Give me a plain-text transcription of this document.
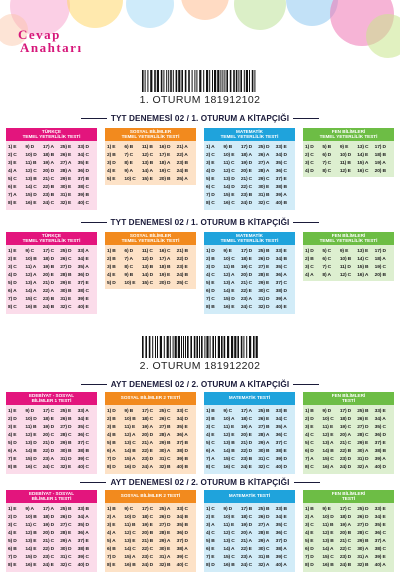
Cevap
Anahtarı
1. OTURUM 181912102
TYT DENEMESİ 02 / 1. OTURUM A KİTAPÇIĞI
TÜRKÇE
TEMEL YETERLİLİK TESTİ
1) E	9) D	17) A	25) E	33) D
2) C	10) D	18) B	26) E	34) C
3) E	11) B	19) A	27) A	35) E
4) A	12) C	20) D	28) A	36) D
5) C	13) B	21) C	29) E	37) B
6) E	14) C	22) B	30) E	38) C
7) A	15) D	23) B	31) E	39) B
8) E	16) E	24) C	32) E	40) C
SOSYAL BİLİMLER
TEMEL YETERLİLİK TESTİ
1) E	6) B	11) B	16) D	21) A
2) B	7) C	12) C	17) E	22) A
3) D	8) E	13) B	18) A	23) B
4) E	9) A	14) A	19) C	24) B
5) E	10) C	15) E	20) B	25) A
MATEMATİK
TEMEL YETERLİLİK TESTİ
1) A	9) B	17) D	25) D	33) E
2) C	10) E	18) A	26) A	34) D
3) E	11) C	19) D	27) A	35) C
4) D	12) C	20) E	28) A	36) C
5) E	13) D	21) C	29) C	37) E
6) C	14) D	22) C	30) E	38) B
7) D	15) E	23) B	31) B	39) A
8) C	16) C	24) D	32) C	40) B
FEN BİLİMLERİ
TEMEL YETERLİLİK TESTİ
1) D	5) B	9) E	13) C	17) D
2) C	6) D	10) D	14) E	18) B
3) C	7) C	11) B	15) A	19) A
4) D	8) C	12) E	16) C	20) B
TYT DENEMESİ 02 / 1. OTURUM B KİTAPÇIĞI
TÜRKÇE
TEMEL YETERLİLİK TESTİ
1) E	9) C	17) C	25) D	33) A
2) E	10) B	18) D	26) C	34) E
3) C	11) A	19) B	27) D	35) A
4) D	12) A	20) E	28) B	36) D
5) D	13) A	21) D	29) E	37) E
6) A	14) A	22) A	30) B	38) C
7) D	15) C	23) B	31) E	39) E
8) C	16) B	24) B	32) C	40) E
SOSYAL BİLİMLER
TEMEL YETERLİLİK TESTİ
1) B	6) D	11) C	16) C	21) B
2) B	7) A	12) D	17) A	22) D
3) B	8) C	13) B	18) B	23) E
4) E	9) B	14) D	19) E	24) B
5) D	10) E	15) C	20) D	25) C
MATEMATİK
TEMEL YETERLİLİK TESTİ
1) D	9) E	17) D	25) B	33) E
2) B	10) C	18) E	26) D	34) B
3) D	11) B	19) C	27) E	35) C
4) C	12) A	20) D	28) E	36) A
5) E	13) A	21) C	29) E	37) C
6) D	14) E	22) E	30) C	38) D
7) C	15) D	23) A	31) D	39) A
8) B	16) E	24) C	32) D	40) E
FEN BİLİMLERİ
TEMEL YETERLİLİK TESTİ
1) D	5) C	9) E	13) E	17) D
2) B	6) C	10) B	14) C	18) A
3) C	7) C	11) D	15) B	19) C
4) A	8) A	12) C	16) A	20) B
2. OTURUM 181912202
AYT DENEMESİ 02 / 2. OTURUM A KİTAPÇIĞI
EDEBİYAT - SOSYAL
BİLİMLER 1 TESTİ
1) E	9) D	17) C	25) E	33) A
2) D	10) D	18) E	26) B	34) E
3) E	11) B	19) D	27) D	35) C
4) E	12) E	20) C	28) C	36) C
5) D	13) D	21) D	29) B	37) C
6) A	14) B	22) D	30) B	38) B
7) E	15) D	23) A	31) D	39) C
8) B	16) C	24) C	32) E	40) C
SOSYAL BİLİMLER 2 TESTİ
1) D	9) B	17) C	25) C	33) C
2) B	10) B	18) C	26) C	34) D
3) B	11) E	19) A	27) B	35) E
4) B	12) A	20) D	28) A	36) A
5) B	13) C	21) A	29) B	37) B
6) A	14) B	22) E	30) A	38) D
7) D	15) A	23) D	31) C	39) B
8) D	16) D	24) A	32) B	40) B
MATEMATİK TESTİ
1) B	9) C	17) A	25) B	33) B
2) B	10) A	18) C	26) E	34) C
3) C	11) E	19) A	27) B	35) A
4) E	12) E	20) E	28) A	36) C
5) C	13) B	21) D	29) A	37) C
6) A	14) B	22) D	30) B	38) E
7) A	15) C	23) B	31) C	39) D
8) C	16) C	24) E	32) C	40) D
FEN BİLİMLERİ
TESTİ
1) B	9) D	17) D	25) B	33) E
2) D	10) C	18) D	26) E	34) A
3) E	11) E	19) C	27) D	35) C
4) C	12) E	20) A	28) C	36) D
5) C	13) A	21) C	29) E	37) E
6) D	14) B	22) B	30) A	38) B
7) A	15) C	23) D	31) D	39) A
8) C	16) A	24) D	32) A	40) D
AYT DENEMESİ 02 / 2. OTURUM B KİTAPÇIĞI
EDEBİYAT - SOSYAL
BİLİMLER 1 TESTİ
1) E	9) A	17) A	25) B	33) B
2) D	10) B	18) D	26) D	34) A
3) C	11) C	19) D	27) C	35) D
4) E	12) B	20) D	28) E	36) A
5) D	13) E	21) C	29) A	37) E
6) B	14) E	22) D	30) D	38) B
7) D	15) D	23) C	31) C	39) C
8) E	16) E	24) E	32) C	40) D
SOSYAL BİLİMLER 2 TESTİ
1) B	9) C	17) C	25) A	33) C
2) A	10) D	18) C	26) D	34) B
3) E	11) B	19) E	27) D	35) B
4) A	12) C	20) B	28) E	36) D
5) A	13) E	21) B	29) A	37) D
6) B	14) C	22) C	30) E	38) A
7) D	15) A	23) C	31) A	39) C
8) E	16) B	24) D	32) B	40) C
MATEMATİK TESTİ
1) C	9) D	17) B	25) B	33) B
2) E	10) E	18) C	26) D	34) E
3) A	11) E	19) D	27) A	35) C
4) C	12) C	20) A	28) E	36) C
5) B	13) C	21) A	29) A	37) D
6) E	14) A	22) E	30) C	38) A
7) E	15) C	23) A	31) B	39) C
8) D	16) B	24) C	32) A	40) A
FEN BİLİMLERİ
TESTİ
1) B	9) E	17) C	25) D	33) E
2) A	10) D	18) D	26) D	34) E
3) C	11) B	19) A	27) D	35) E
4) E	12) E	20) B	28) C	36) C
5) E	13) B	21) C	29) B	37) A
6) D	14) A	22) C	30) A	38) C
7) D	15) C	23) D	31) A	39) E
8) D	16) B	24) B	32) B	40) A
